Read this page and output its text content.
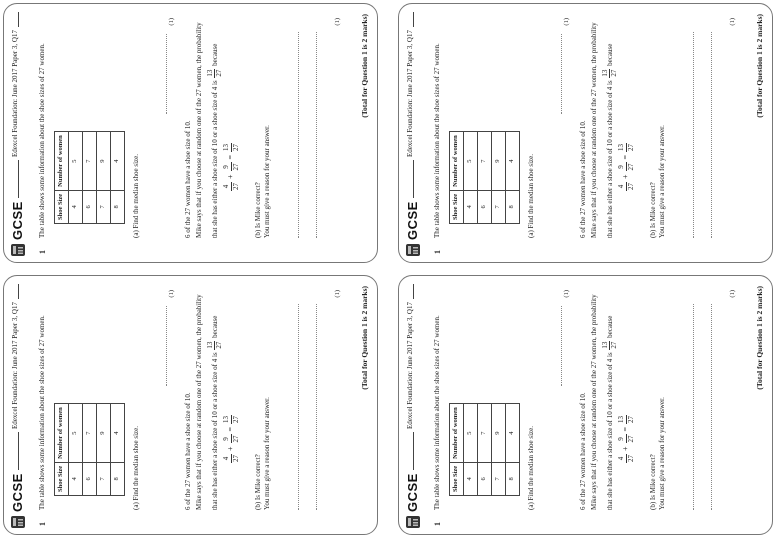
GCSE
Edexcel Foundation: June 2017 Paper 3, Q17
1
The table shows some information about the shoe sizes of 27 women. Shoe Size	Number of women
4	5
6	7
7	9
8	4 (a) Find the median shoe size.
(1)
6 of the 27 women have a shoe size of 10. Mike says that if you choose at random one of the 27 women, the probability	that she has either a shoe size of 10 or a shoe size of 4 is
13 27
because
4 27
+
9 27
=
13 27
(b) Is Mike correct? You must give a reason for your answer.
(1)	(Total for Question 1 is 2 marks)
GCSE
Edexcel Foundation: June 2017 Paper 3, Q17
1
The table shows some information about the shoe sizes of 27 women. Shoe Size	Number of women
4	5
6	7
7	9
8	4 (a) Find the median shoe size.
(1)
6 of the 27 women have a shoe size of 10. Mike says that if you choose at random one of the 27 women, the probability	that she has either a shoe size of 10 or a shoe size of 4 is
13 27
because
4 27
+
9 27
=
13 27
(b) Is Mike correct? You must give a reason for your answer.
(1)	(Total for Question 1 is 2 marks)
GCSE
Edexcel Foundation: June 2017 Paper 3, Q17
1
The table shows some information about the shoe sizes of 27 women. Shoe Size	Number of women
4	5
6	7
7	9
8	4 (a) Find the median shoe size.
(1)
6 of the 27 women have a shoe size of 10. Mike says that if you choose at random one of the 27 women, the probability	that she has either a shoe size of 10 or a shoe size of 4 is
13 27
because
4 27
+
9 27
=
13 27
(b) Is Mike correct? You must give a reason for your answer.
(1)	(Total for Question 1 is 2 marks)
GCSE
Edexcel Foundation: June 2017 Paper 3, Q17
1
The table shows some information about the shoe sizes of 27 women. Shoe Size	Number of women
4	5
6	7
7	9
8	4 (a) Find the median shoe size.
(1)
6 of the 27 women have a shoe size of 10. Mike says that if you choose at random one of the 27 women, the probability	that she has either a shoe size of 10 or a shoe size of 4 is
13 27
because
4 27
+
9 27
=
13 27
(b) Is Mike correct? You must give a reason for your answer.
(1)	(Total for Question 1 is 2 marks)
